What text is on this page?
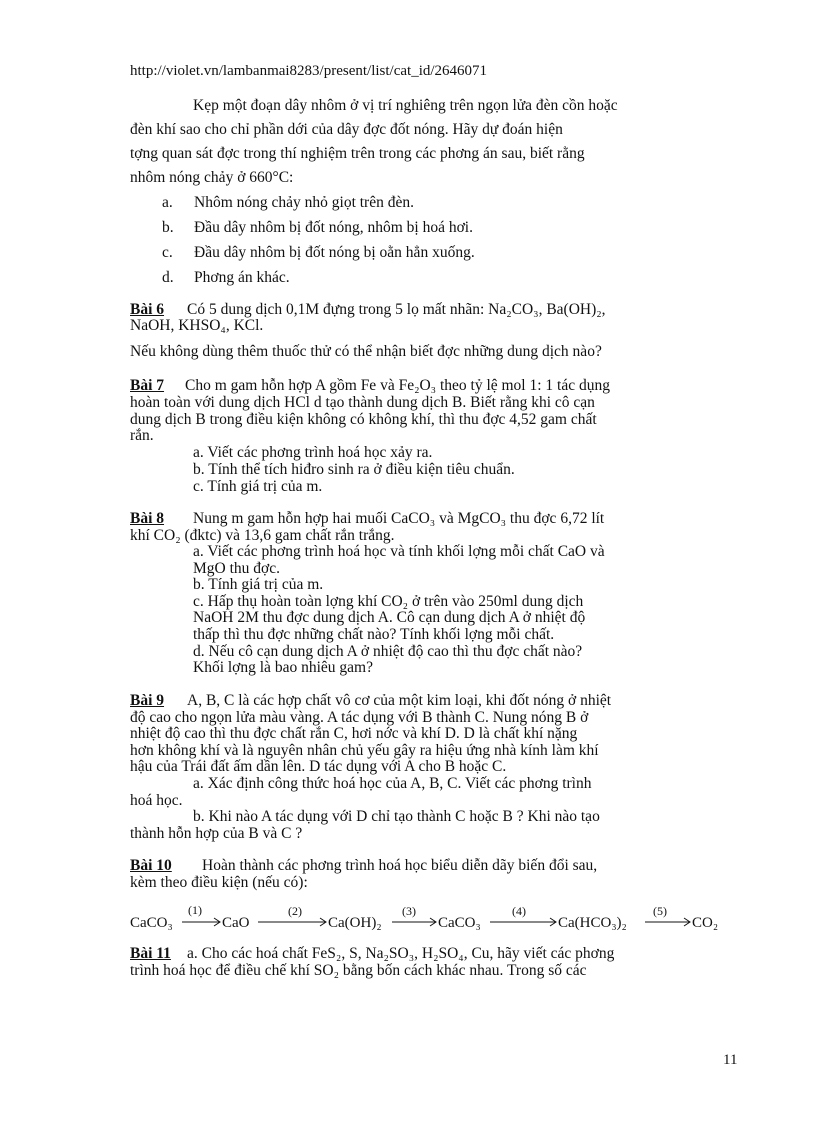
http://violet.vn/lambanmai8283/present/list/cat_id/2646071
Kẹp một đoạn dây nhôm ở vị trí nghiêng trên ngọn lửa đèn cồn hoặc
đèn khí sao cho chỉ phần dới của dây đợc đốt nóng. Hãy dự đoán hiện
tợng quan sát đợc trong thí nghiệm trên trong các phơng án sau, biết rằng
nhôm nóng chảy ở 660°C:
a. Nhôm nóng chảy nhỏ giọt trên đèn.
b. Đầu dây nhôm bị đốt nóng, nhôm bị hoá hơi.
c. Đầu dây nhôm bị đốt nóng bị oằn hẳn xuống.
d. Phơng án khác.
Bài 6 Có 5 dung dịch 0,1M đựng trong 5 lọ mất nhãn: Na₂CO₃, Ba(OH)₂,
NaOH, KHSO₄, KCl.
Nếu không dùng thêm thuốc thử có thể nhận biết đợc những dung dịch nào?
Bài 7 Cho m gam hỗn hợp A gồm Fe và Fe₂O₃ theo tỷ lệ mol 1: 1 tác dụng
hoàn toàn với dung dịch HCl d tạo thành dung dịch B. Biết rằng khi cô cạn
dung dịch B trong điều kiện không có không khí, thì thu đợc 4,52 gam chất
rắn.
a. Viết các phơng trình hoá học xảy ra.
b. Tính thể tích hiđro sinh ra ở điều kiện tiêu chuẩn.
c. Tính giá trị của m.
Bài 8 Nung m gam hỗn hợp hai muối CaCO₃ và MgCO₃ thu đợc 6,72 lít
khí CO₂ (đktc) và 13,6 gam chất rắn trắng.
a. Viết các phơng trình hoá học và tính khối lợng mỗi chất CaO và
MgO thu đợc.
b. Tính giá trị của m.
c. Hấp thụ hoàn toàn lợng khí CO₂ ở trên vào 250ml dung dịch
NaOH 2M thu đợc dung dịch A. Cô cạn dung dịch A ở nhiệt độ
thấp thì thu đợc những chất nào? Tính khối lợng mỗi chất.
d. Nếu cô cạn dung dịch A ở nhiệt độ cao thì thu đợc chất nào?
Khối lợng là bao nhiêu gam?
Bài 9 A, B, C là các hợp chất vô cơ của một kim loại, khi đốt nóng ở nhiệt
độ cao cho ngọn lửa màu vàng. A tác dụng với B thành C. Nung nóng B ở
nhiệt độ cao thì thu đợc chất rắn C, hơi nớc và khí D. D là chất khí nặng
hơn không khí và là nguyên nhân chủ yếu gây ra hiệu ứng nhà kính làm khí
hậu của Trái đất ấm dần lên. D tác dụng với A cho B hoặc C.
a. Xác định công thức hoá học của A, B, C. Viết các phơng trình
hoá học.
b. Khi nào A tác dụng với D chỉ tạo thành C hoặc B ? Khi nào tạo
thành hỗn hợp của B và C ?
Bài 10 Hoàn thành các phơng trình hoá học biểu diễn dãy biến đổi sau,
kèm theo điều kiện (nếu có):
CaCO₃
(1)
CaO
(2)
Ca(OH)₂
(3)
CaCO₃
(4)
Ca(HCO₃)₂
(5)
CO₂
Bài 11 a. Cho các hoá chất FeS₂, S, Na₂SO₃, H₂SO₄, Cu, hãy viết các phơng
trình hoá học để điều chế khí SO₂ bằng bốn cách khác nhau. Trong số các
11
